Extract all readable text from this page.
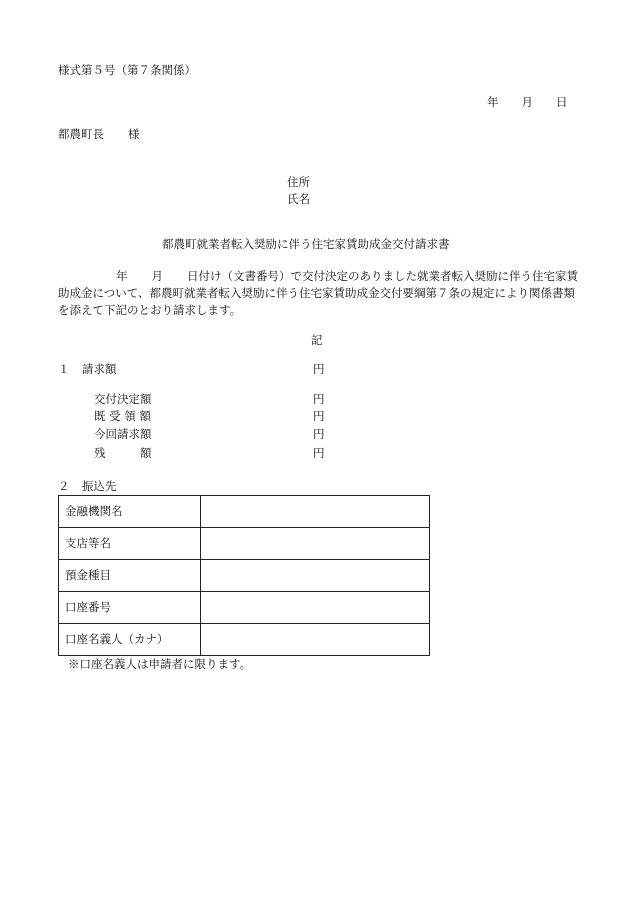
様式第５号（第７条関係）
年 月 日
都農町長 様
住所
氏名
都農町就業者転入奨励に伴う住宅家賃助成金交付請求書
年 月 日付け（文書番号）で交付決定のありました就業者転入奨励に伴う住宅家賃助成金について、都農町就業者転入奨励に伴う住宅家賃助成金交付要綱第７条の規定により関係書類を添えて下記のとおり請求します。
記
１ 請求額	円
交付決定額	円
既 受 領 額	円
今回請求額	円
残　　　額	円
２ 振込先
金融機関名	
支店等名	
預金種目	
口座番号	
口座名義人（カナ）	
※口座名義人は申請者に限ります。
